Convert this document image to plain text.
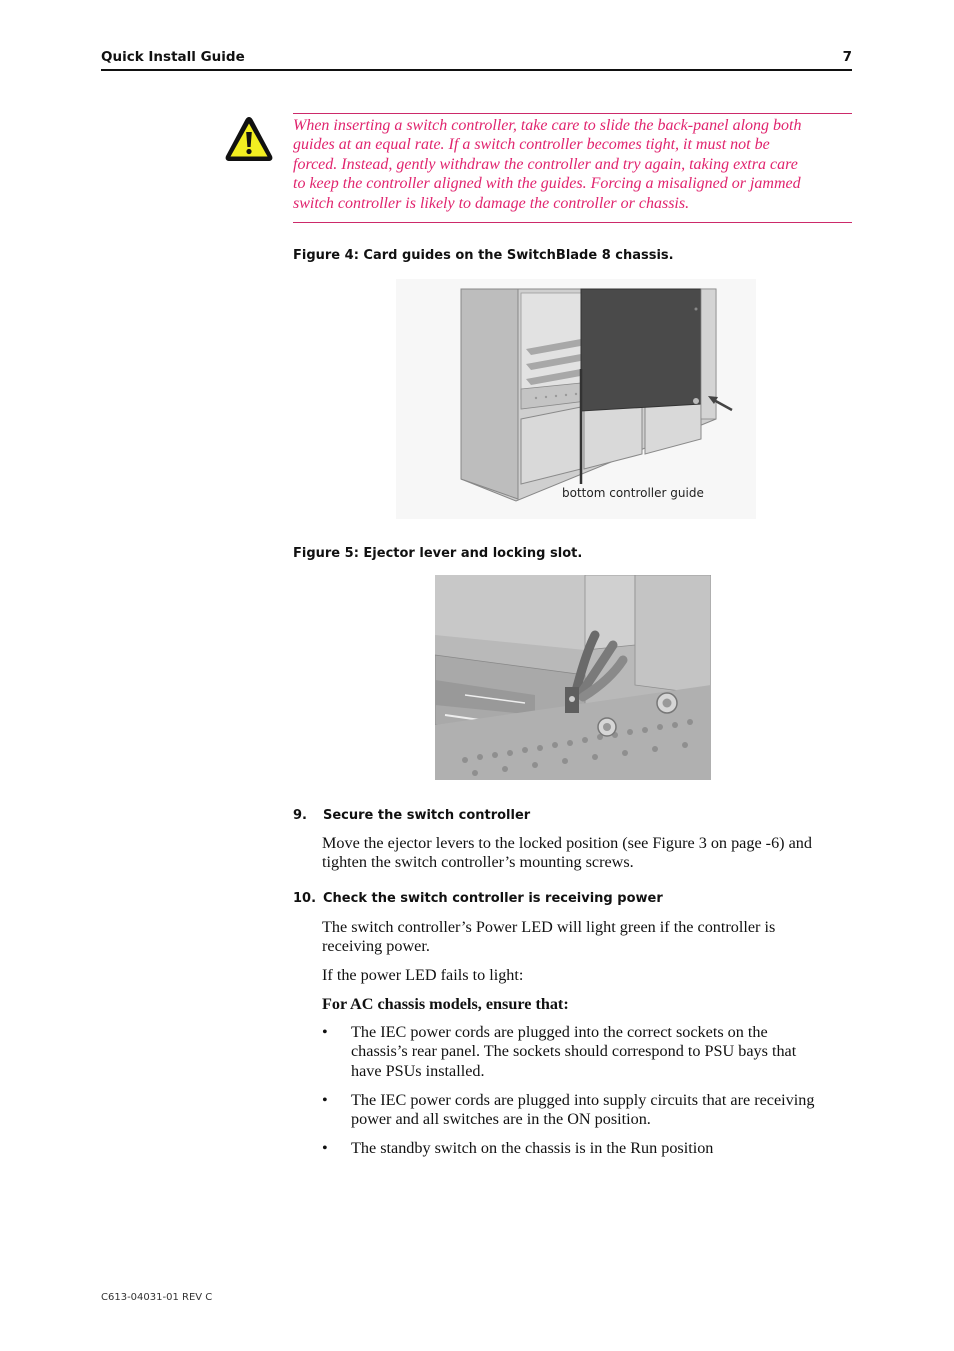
Quick Install Guide	7
When inserting a switch controller, take care to slide the back-panel along both
guides at an equal rate. If a switch controller becomes tight, it must not be
forced. Instead, gently withdraw the controller and try again, taking extra care
to keep the controller aligned with the guides. Forcing a misaligned or jammed
switch controller is likely to damage the controller or chassis.
Figure 4: Card guides on the SwitchBlade 8 chassis.
bottom controller guide
Figure 5: Ejector lever and locking slot.
9. Secure the switch controller
Move the ejector levers to the locked position (see Figure 3 on page -6) and
tighten the switch controller’s mounting screws.
10. Check the switch controller is receiving power
The switch controller’s Power LED will light green if the controller is
receiving power.
If the power LED fails to light:
For AC chassis models, ensure that:
• The IEC power cords are plugged into the correct sockets on the
chassis’s rear panel. The sockets should correspond to PSU bays that
have PSUs installed.
• The IEC power cords are plugged into supply circuits that are receiving
power and all switches are in the ON position.
• The standby switch on the chassis is in the Run position
C613-04031-01 REV C
